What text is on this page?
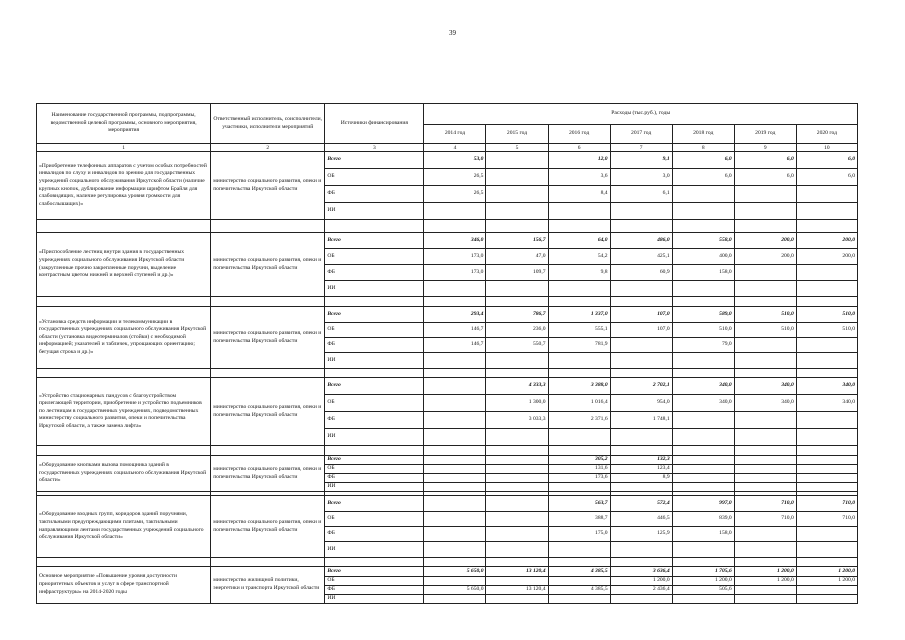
39
Наименование государственной программы, подпрограммы, ведомственной целевой программы, основного мероприятия, мероприятия	Ответственный исполнитель, соисполнители, участники, исполнители мероприятий	Источники финансирования	Расходы (тыс.руб.), годы						
			2014 год	2015 год	2016 год	2017 год	2018 год	2019 год	2020 год
1	2	3	4	5	6	7	8	9	10
«Приобретение телефонных аппаратов с учетом особых потребностей инвалидов по слуху и инвалидов по зрению для государственных учреждений социального обслуживания Иркутской области (наличие крупных кнопок, дублирование информации шрифтом Брайля для слабовидящих, наличие регулировка уровня громкости для слабослышащих)»	министерство социального развития, опеки и попечительства Иркутской области	Всего	53,0		12,0	9,1	6,0	6,0	6,0
		ОБ	26,5		3,6	3,0	6,0	6,0	6,0
		ФБ	26,5		8,4	6,1			
		ИИ							

«Приспособление лестниц внутри здания в государственных учреждениях социального обслуживания Иркутской области (закругленные прочно закрепленные поручни, выделение контрастным цветом нижней и верхней ступеней и др.)»	министерство социального развития, опеки и попечительства Иркутской области	Всего	346,0	156,7	64,0	486,0	558,0	200,0	200,0
		ОБ	173,0	47,0	54,2	425,1	400,0	200,0	200,0
		ФБ	173,0	109,7	9,8	60,9	158,0		
		ИИ							

«Установка средств информации и телекоммуникации в государственных учреждениях социального обслуживания Иркутской области (установка видеотерминалов (стойки) с необходимой информацией; указателей и табличек, упрощающих ориентацию; бегущая строка и др.)»	министерство социального развития, опеки и попечительства Иркутской области	Всего	293,4	786,7	1 337,0	107,0	589,0	510,0	510,0
		ОБ	146,7	236,0	555,1	107,0	510,0	510,0	510,0
		ФБ	146,7	550,7	781,9		79,0		
		ИИ							

«Устройство стационарных пандусов с благоустройством прилегающей территории, приобретение и устройство подъемников по лестницам в государственных учреждениях, подведомственных министерству социального развития, опеки и попечительства Иркутской области, а также замена лифта»	министерство социального развития, опеки и попечительства Иркутской области	Всего		4 333,3	3 388,0	2 702,1	340,0	340,0	340,0
		ОБ		1 300,0	1 016,4	954,0	340,0	340,0	340,0
		ФБ		3 033,3	2 371,6	1 748,1			
		ИИ							

«Оборудование кнопками вызова помощника зданий в государственных учреждениях социального обслуживания Иркутской области»	министерство социального развития, опеки и попечительства Иркутской области	Всего			305,2	132,3			
		ОБ			131,6	123,4			
		ФБ			173,6	8,9			
		ИИ							

«Оборудование входных групп, коридоров зданий поручнями, тактильными предупреждающими плитами, тактильными направляющими лентами государственных учреждений социального обслуживания Иркутской области»	министерство социального развития, опеки и попечительства Иркутской области	Всего			563,7	572,4	997,0	710,0	710,0
		ОБ			388,7	446,5	839,0	710,0	710,0
		ФБ			175,0	125,9	158,0		
		ИИ							

Основное мероприятие «Повышение уровня доступности приоритетных объектов и услуг в сфере транспортной инфраструктуры» на 2014-2020 годы	министерство жилищной политики, энергетики и транспорта Иркутской области	Всего	5 650,0	13 120,4	4 385,5	3 636,4	1 705,6	1 200,0	1 200,0
		ОБ				1 200,0	1 200,0	1 200,0	1 200,0
		ФБ	5 650,0	13 120,4	4 385,5	2 436,4	505,6		
		ИИ							
